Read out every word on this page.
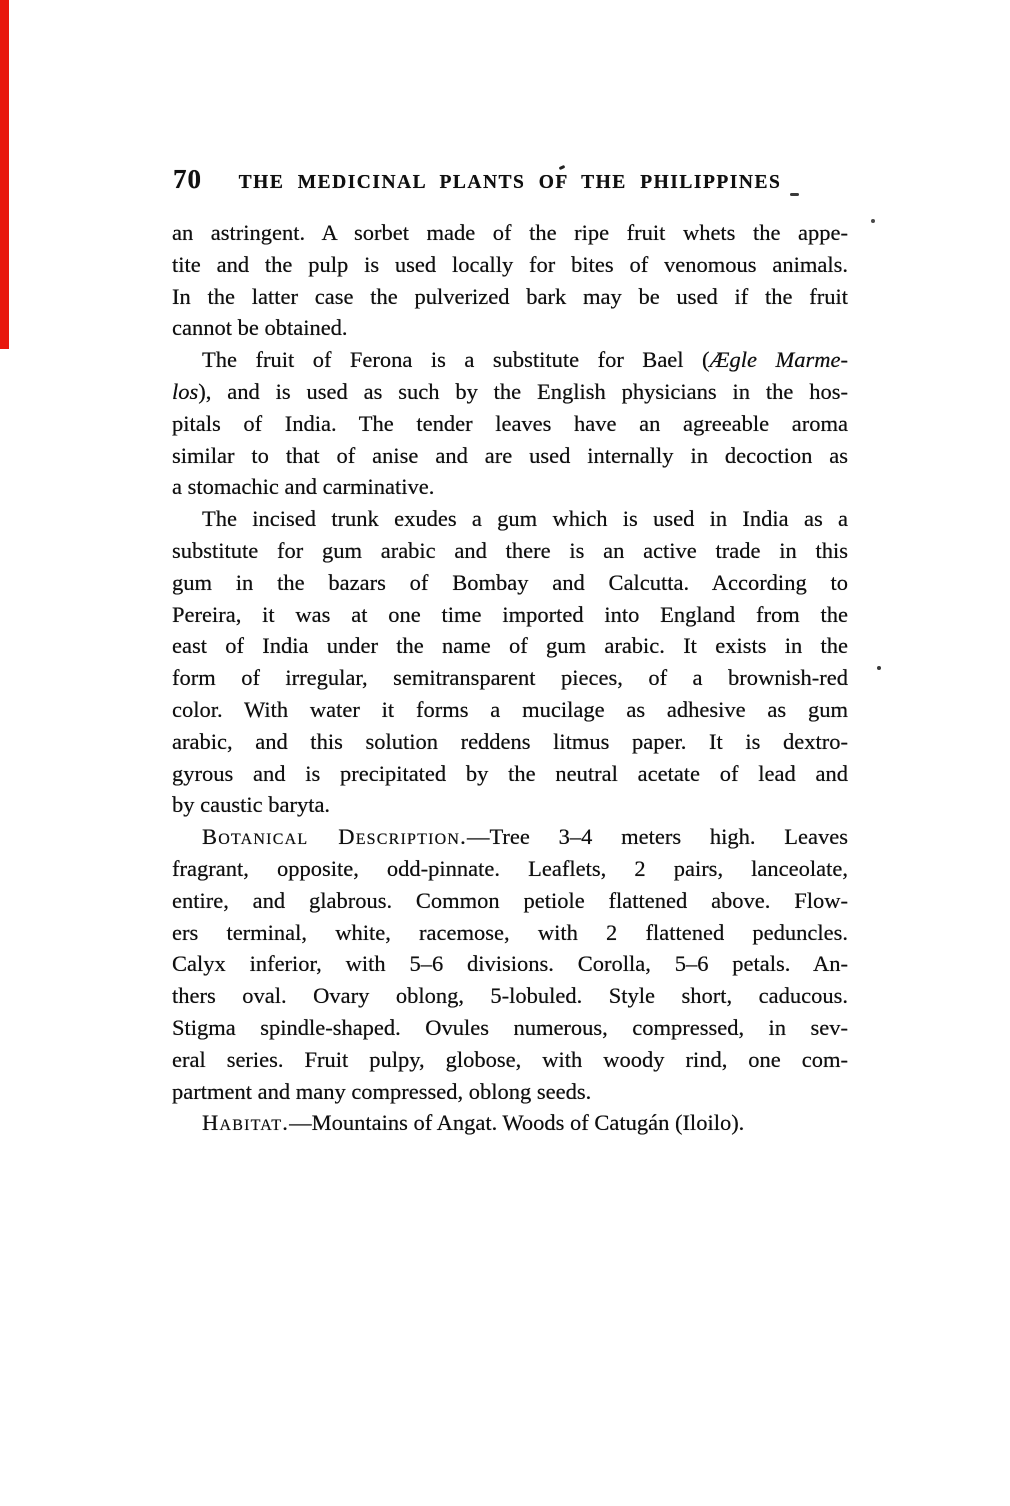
70	THE MEDICINAL PLANTS OF THE PHILIPPINES
an astringent. A sorbet made of the ripe fruit whets the appe-
tite and the pulp is used locally for bites of venomous animals.
In the latter case the pulverized bark may be used if the fruit
cannot be obtained.
The fruit of Ferona is a substitute for Bael (Ægle Marme-
los), and is used as such by the English physicians in the hos-
pitals of India. The tender leaves have an agreeable aroma
similar to that of anise and are used internally in decoction as
a stomachic and carminative.
The incised trunk exudes a gum which is used in India as a
substitute for gum arabic and there is an active trade in this
gum in the bazars of Bombay and Calcutta. According to
Pereira, it was at one time imported into England from the
east of India under the name of gum arabic. It exists in the
form of irregular, semitransparent pieces, of a brownish-red
color. With water it forms a mucilage as adhesive as gum
arabic, and this solution reddens litmus paper. It is dextro-
gyrous and is precipitated by the neutral acetate of lead and
by caustic baryta.
Botanical Description.—Tree 3–4 meters high. Leaves
fragrant, opposite, odd-pinnate. Leaflets, 2 pairs, lanceolate,
entire, and glabrous. Common petiole flattened above. Flow-
ers terminal, white, racemose, with 2 flattened peduncles.
Calyx inferior, with 5–6 divisions. Corolla, 5–6 petals. An-
thers oval. Ovary oblong, 5-lobuled. Style short, caducous.
Stigma spindle-shaped. Ovules numerous, compressed, in sev-
eral series. Fruit pulpy, globose, with woody rind, one com-
partment and many compressed, oblong seeds.
Habitat.—Mountains of Angat. Woods of Catugán (Iloilo).
